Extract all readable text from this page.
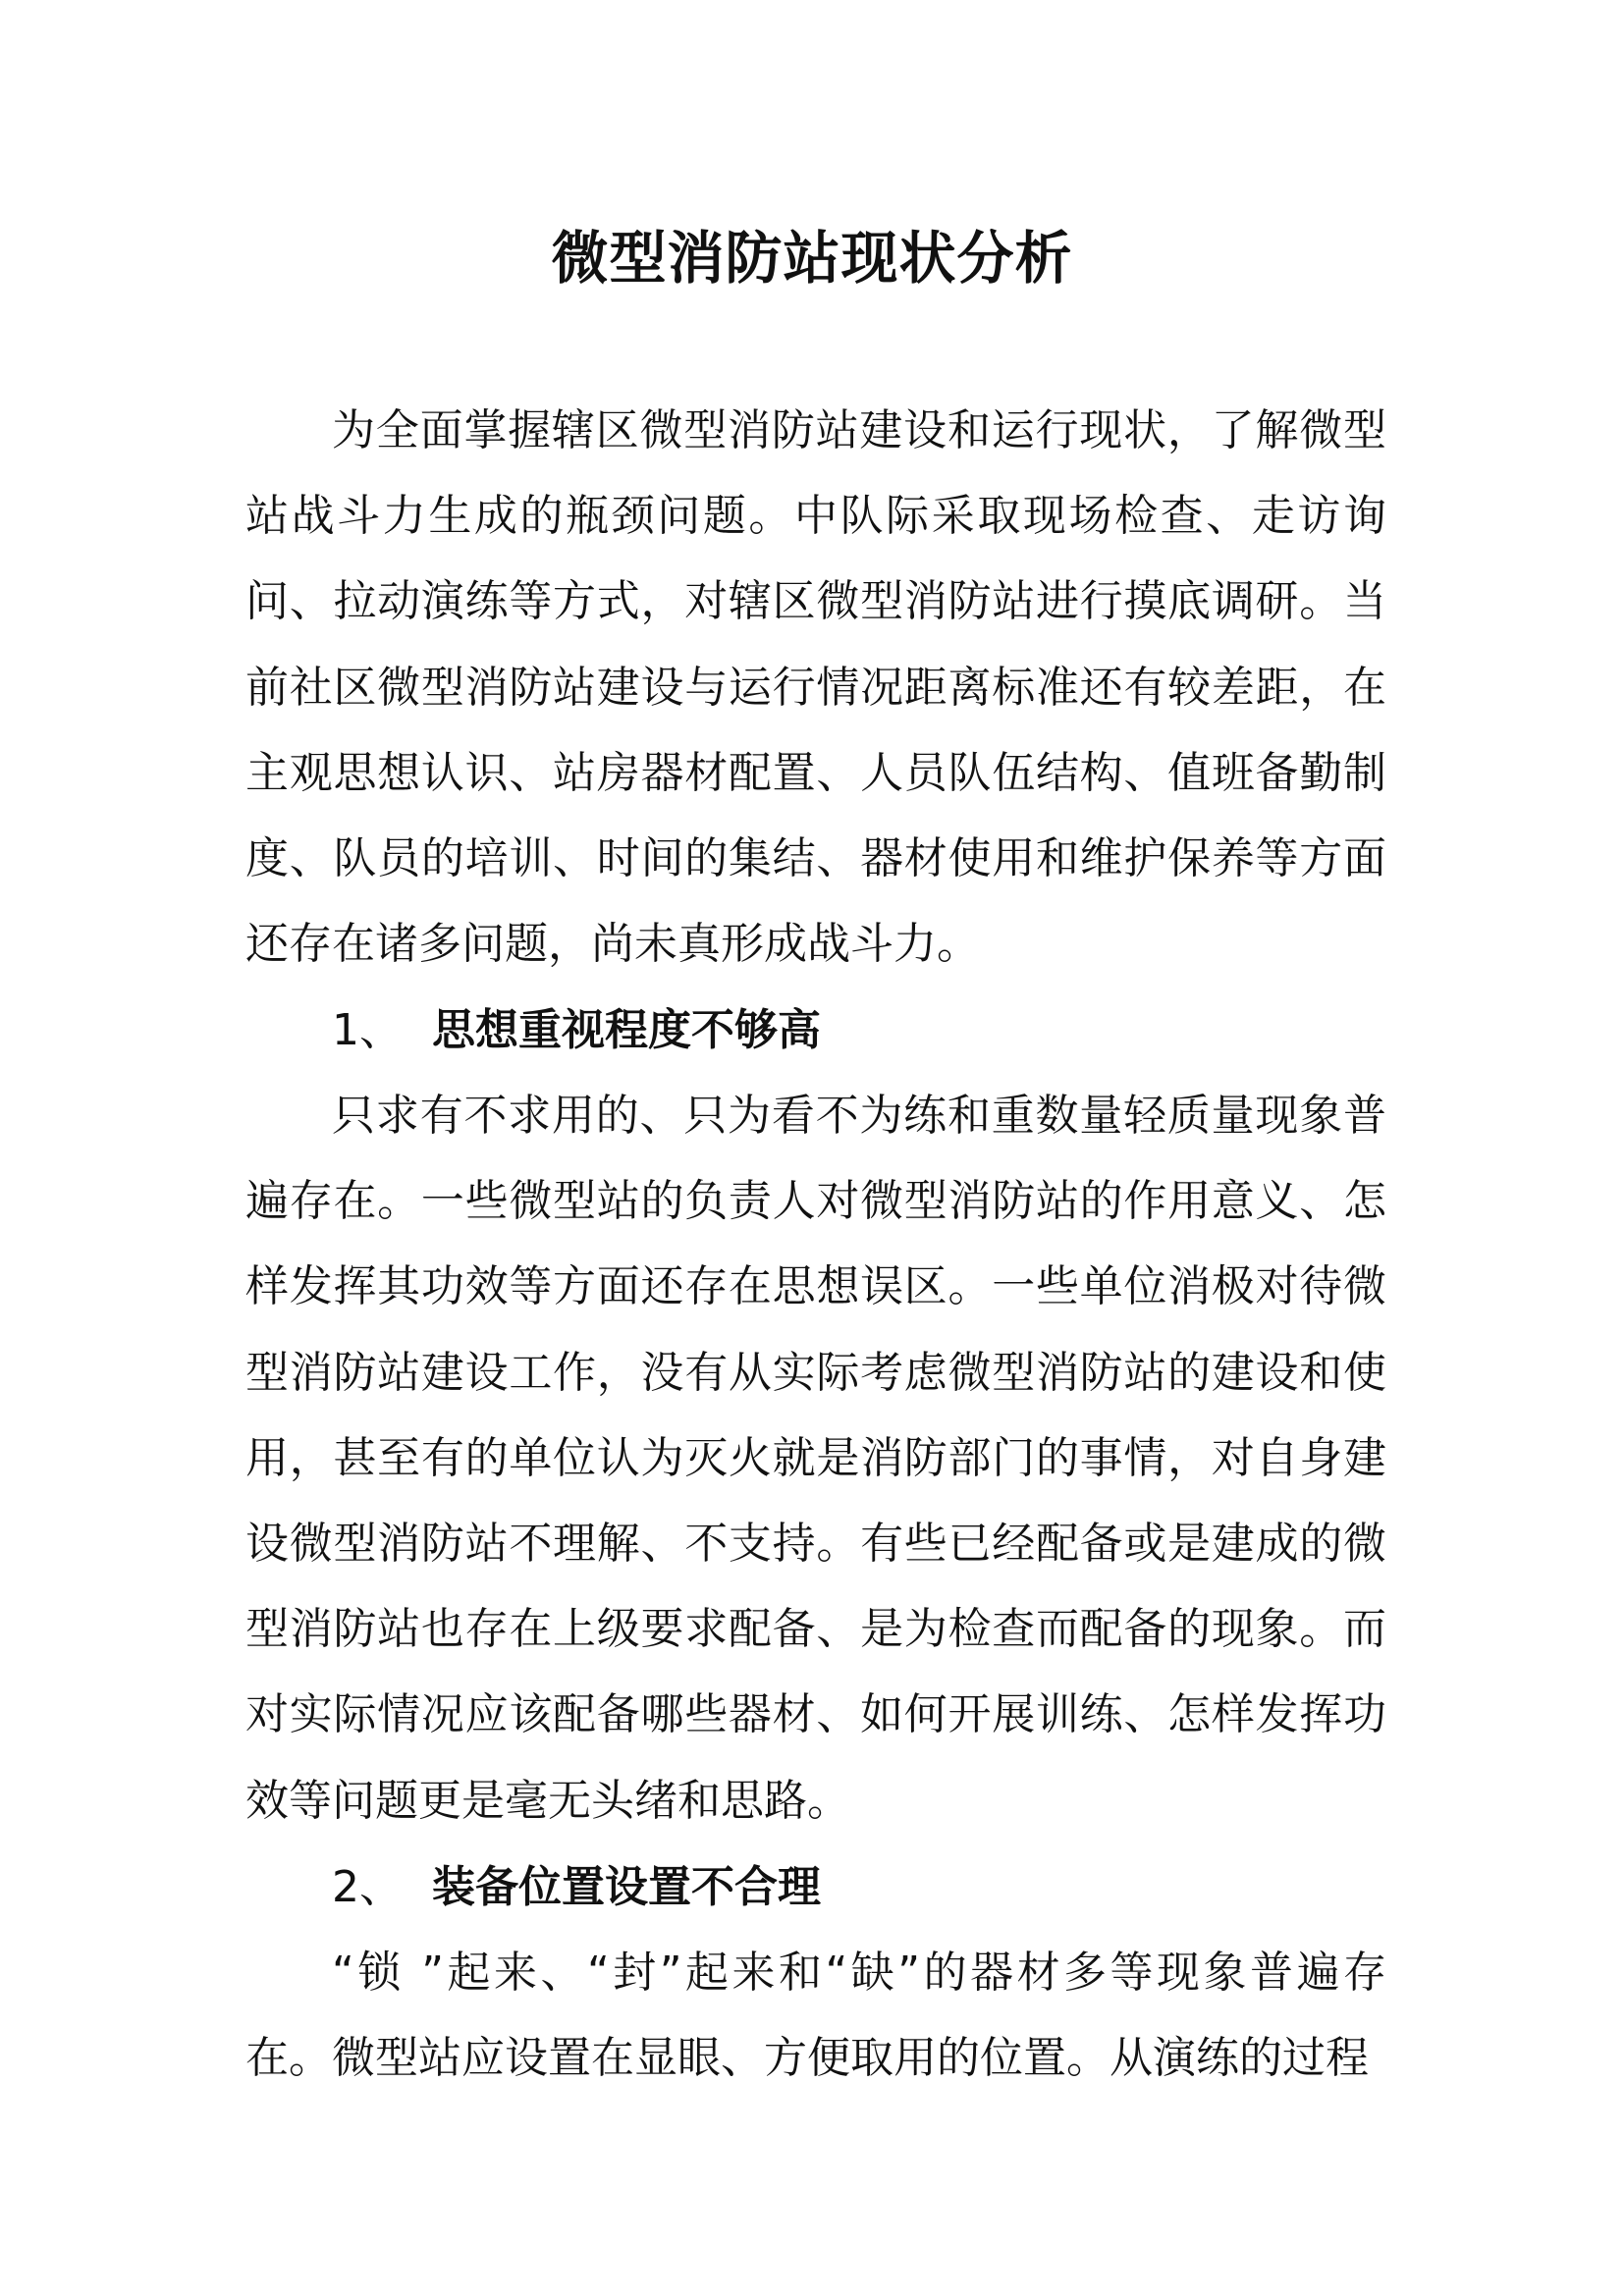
微型消防站现状分析

为全面掌握辖区微型消防站建设和运行现状，了解微型站战斗力生成的瓶颈问题。中队际采取现场检查、走访询问、拉动演练等方式，对辖区微型消防站进行摸底调研。当前社区微型消防站建设与运行情况距离标准还有较差距，在主观思想认识、站房器材配置、人员队伍结构、值班备勤制度、队员的培训、时间的集结、器材使用和维护保养等方面还存在诸多问题，尚未真形成战斗力。

1、 思想重视程度不够高

只求有不求用的、只为看不为练和重数量轻质量现象普遍存在。一些微型站的负责人对微型消防站的作用意义、怎样发挥其功效等方面还存在思想误区。一些单位消极对待微型消防站建设工作，没有从实际考虑微型消防站的建设和使用，甚至有的单位认为灭火就是消防部门的事情，对自身建设微型消防站不理解、不支持。有些已经配备或是建成的微型消防站也存在上级要求配备、是为检查而配备的现象。而对实际情况应该配备哪些器材、如何开展训练、怎样发挥功效等问题更是毫无头绪和思路。

2、 装备位置设置不合理

“锁 ”起来、“封”起来和“缺”的器材多等现象普遍存在。微型站应设置在显眼、方便取用的位置。从演练的过程
